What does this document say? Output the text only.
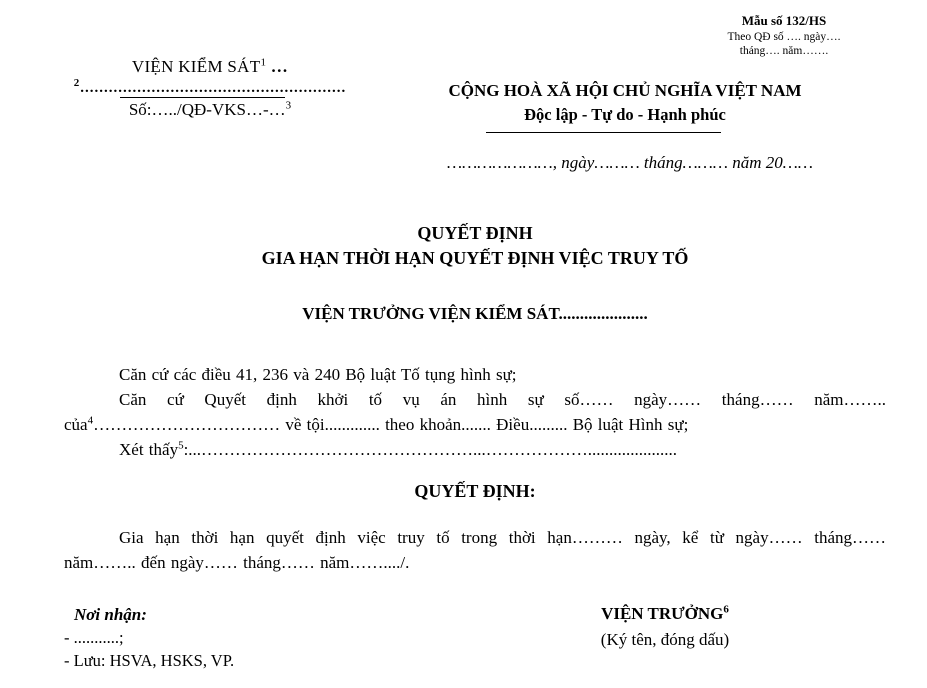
Mẫu số 132/HS
Theo QĐ số …. ngày….
tháng…. năm…….
VIỆN KIỂM SÁT$^1$ …
$^2$........................................................
Số:…../QĐ-VKS…-…$^3$
CỘNG HOÀ XÃ HỘI CHỦ NGHĨA VIỆT NAM
Độc lập - Tự do - Hạnh phúc
…………………, ngày……… tháng……… năm 20……
QUYẾT ĐỊNH
GIA HẠN THỜI HẠN QUYẾT ĐỊNH VIỆC TRUY TỐ
VIỆN TRƯỞNG VIỆN KIỂM SÁT.....................
Căn cứ các điều 41, 236 và 240 Bộ luật Tố tụng hình sự;
Căn cứ Quyết định khởi tố vụ án hình sự số…… ngày…… tháng…… năm……..
của$^4$…………………………… về tội............. theo khoản....... Điều......... Bộ luật Hình sự;
Xét thấy$^5$:...…………………………………………...……………….....................
QUYẾT ĐỊNH:
Gia hạn thời hạn quyết định việc truy tố trong thời hạn……… ngày, kể từ ngày…… tháng……
năm…….. đến ngày…… tháng…… năm……..../.
Nơi nhận:
- ...........;
- Lưu: HSVA, HSKS, VP.
VIỆN TRƯỞNG$^6$
(Ký tên, đóng dấu)
